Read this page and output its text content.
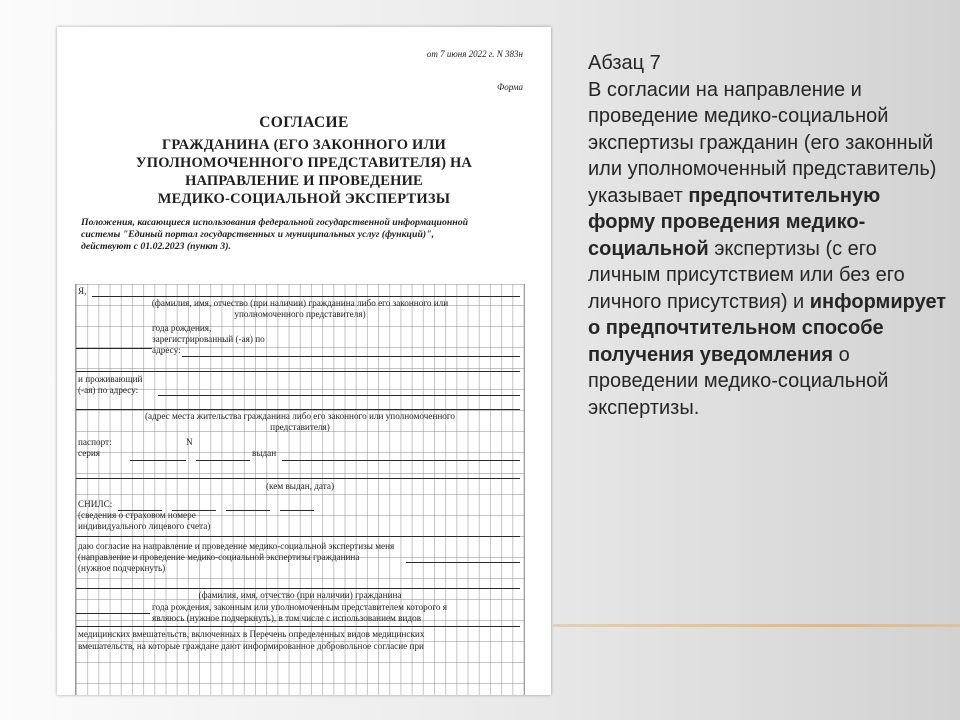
от 7 июня 2022 г. N 383н
Форма
СОГЛАСИЕ
ГРАЖДАНИНА (ЕГО ЗАКОННОГО ИЛИ
УПОЛНОМОЧЕННОГО ПРЕДСТАВИТЕЛЯ) НА
НАПРАВЛЕНИЕ И ПРОВЕДЕНИЕ
МЕДИКО-СОЦИАЛЬНОЙ ЭКСПЕРТИЗЫ
Положения, касающиеся использования федеральной государственной информационной
системы "Единый портал государственных и муниципальных услуг (функций)",
действуют с 01.02.2023 (пункт 3).
Я,
(фамилия, имя, отчество (при наличии) гражданина либо его законного или
уполномоченного представителя)
года рождения,
зарегистрированный (-ая) по
адресу:
и проживающий
(-ая) по адресу:
(адрес места жительства гражданина либо его законного или уполномоченного
представителя)
паспорт:
серия
N
выдан
(кем выдан, дата)
СНИЛС:
(сведения о страховом номере
индивидуального лицевого счета)
даю согласие на направление и проведение медико-социальной экспертизы меня
(направление и проведение медико-социальной экспертизы гражданина
(нужное подчеркнуть)
(фамилия, имя, отчество (при наличии) гражданина
года рождения, законным или уполномоченным представителем которого я
являюсь (нужное подчеркнуть), в том числе с использованием видов
медицинских вмешательств, включенных в Перечень определенных видов медицинских
вмешательств, на которые граждане дают информированное добровольное согласие при
Абзац 7
В согласии на направление и проведение медико-социальной экспертизы гражданин (его законный или уполномоченный представитель) указывает предпочтительную форму проведения медико-социальной экспертизы (с его личным присутствием или без его личного присутствия) и информирует о предпочтительном способе получения уведомления о проведении медико-социальной экспертизы.
